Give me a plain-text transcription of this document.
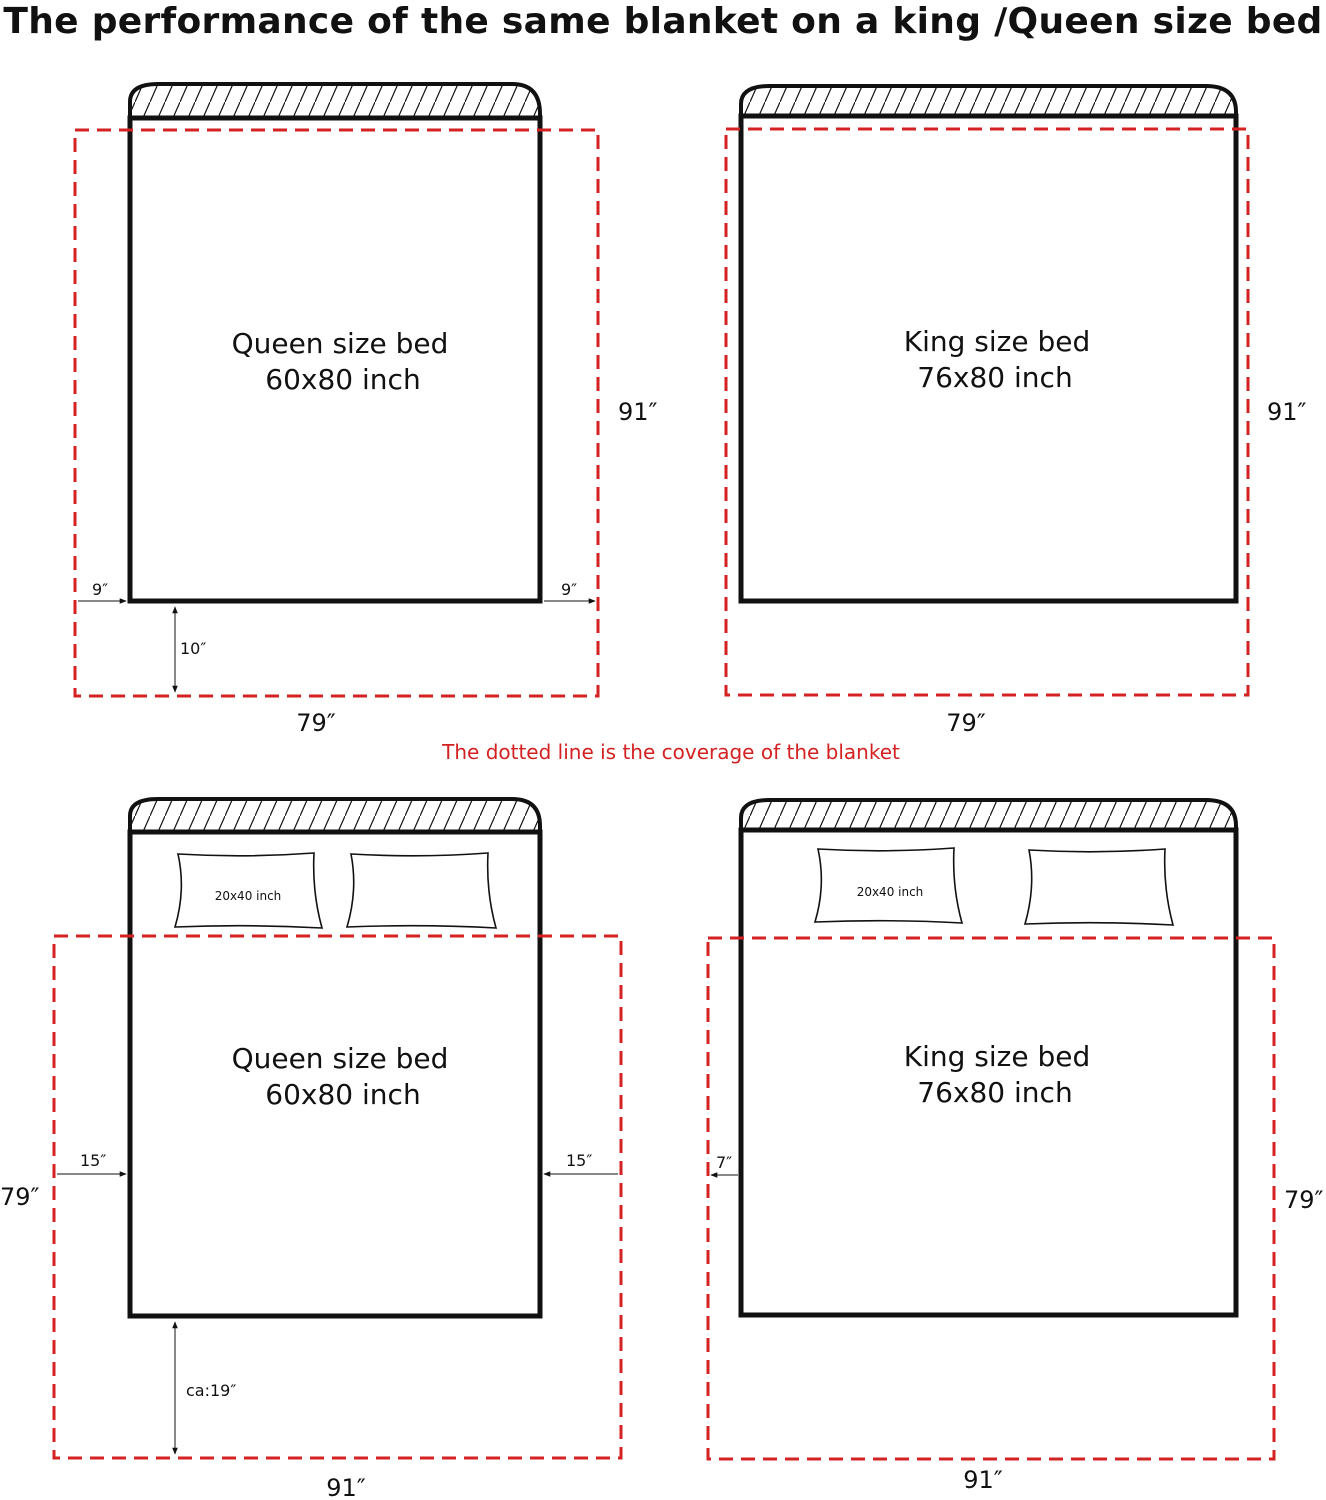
The performance of the same blanket on a king /Queen size bed
Queen size bed
60x80 inch
91″
79″
9″	9″
10″
King size bed
76x80 inch
91″
79″
20x40 inch
Queen size bed
60x80 inch
79″
91″
15″	15″
ca:19″
20x40 inch
King size bed
76x80 inch
79″
91″
7″
The dotted line is the coverage of the blanket
